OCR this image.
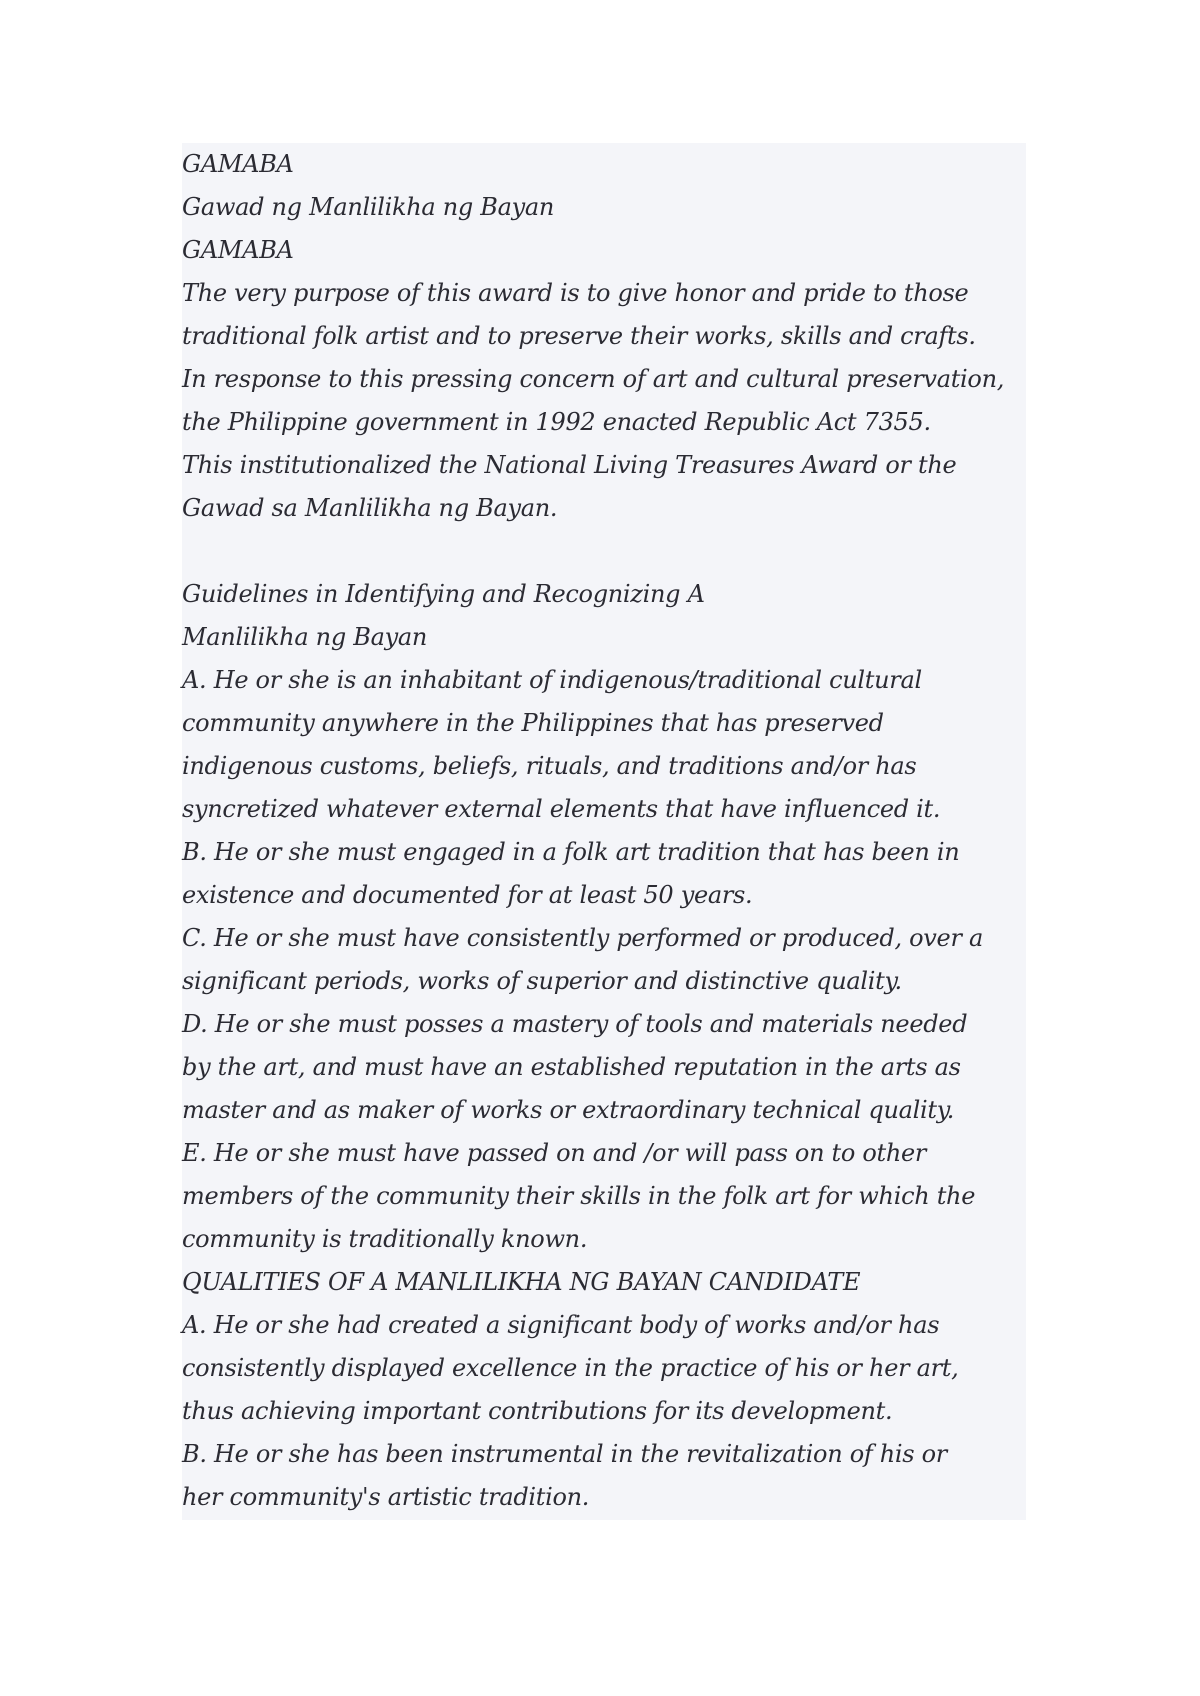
GAMABA
Gawad ng Manlilikha ng Bayan
GAMABA
The very purpose of this award is to give honor and pride to those
traditional folk artist and to preserve their works, skills and crafts.
In response to this pressing concern of art and cultural preservation,
the Philippine government in 1992 enacted Republic Act 7355.
This institutionalized the National Living Treasures Award or the
Gawad sa Manlilikha ng Bayan.
Guidelines in Identifying and Recognizing A
Manlilikha ng Bayan
A. He or she is an inhabitant of indigenous/traditional cultural
community anywhere in the Philippines that has preserved
indigenous customs, beliefs, rituals, and traditions and/or has
syncretized whatever external elements that have influenced it.
B. He or she must engaged in a folk art tradition that has been in
existence and documented for at least 50 years.
C. He or she must have consistently performed or produced, over a
significant periods, works of superior and distinctive quality.
D. He or she must posses a mastery of tools and materials needed
by the art, and must have an established reputation in the arts as
master and as maker of works or extraordinary technical quality.
E. He or she must have passed on and /or will pass on to other
members of the community their skills in the folk art for which the
community is traditionally known.
QUALITIES OF A MANLILIKHA NG BAYAN CANDIDATE
A. He or she had created a significant body of works and/or has
consistently displayed excellence in the practice of his or her art,
thus achieving important contributions for its development.
B. He or she has been instrumental in the revitalization of his or
her community's artistic tradition.
